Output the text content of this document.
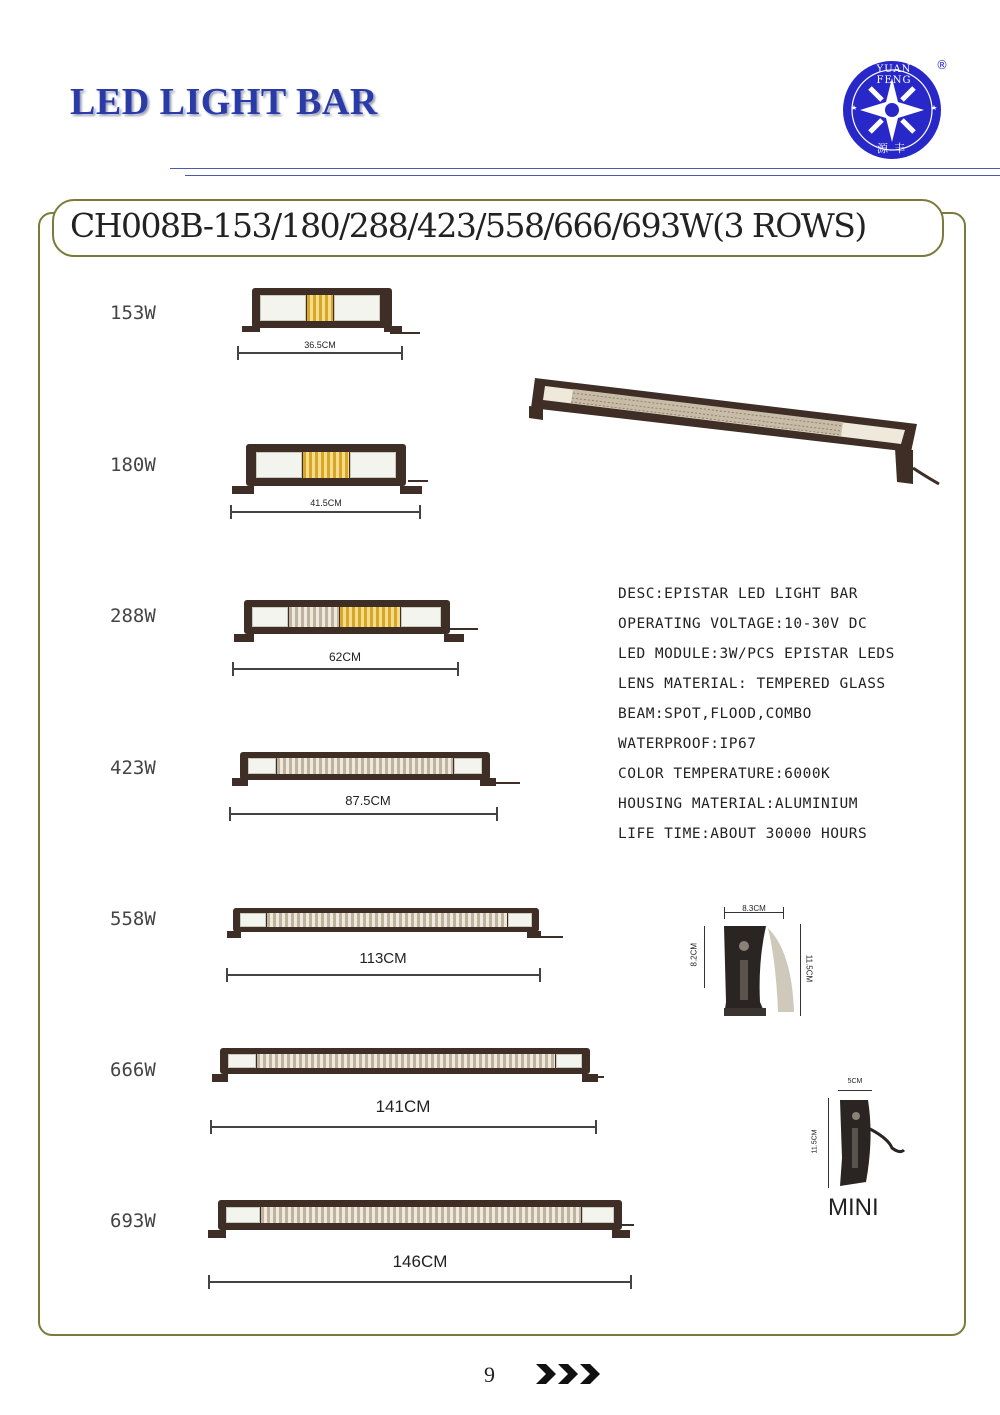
LED LIGHT BAR
®
YUAN FENG
源丰
CH008B-153/180/288/423/558/666/693W(3 ROWS)
153W
180W
288W
423W
558W
666W
693W
36.5CM
41.5CM
62CM
87.5CM
113CM
141CM
146CM
DESC:EPISTAR LED LIGHT BAR
OPERATING VOLTAGE:10-30V DC
LED MODULE:3W/PCS EPISTAR LEDS
LENS MATERIAL: TEMPERED GLASS
BEAM:SPOT,FLOOD,COMBO
WATERPROOF:IP67
COLOR TEMPERATURE:6000K
HOUSING MATERIAL:ALUMINIUM
LIFE TIME:ABOUT 30000 HOURS
8.3CM
8.2CM
11.5CM
5CM
11.5CM
MINI
9
